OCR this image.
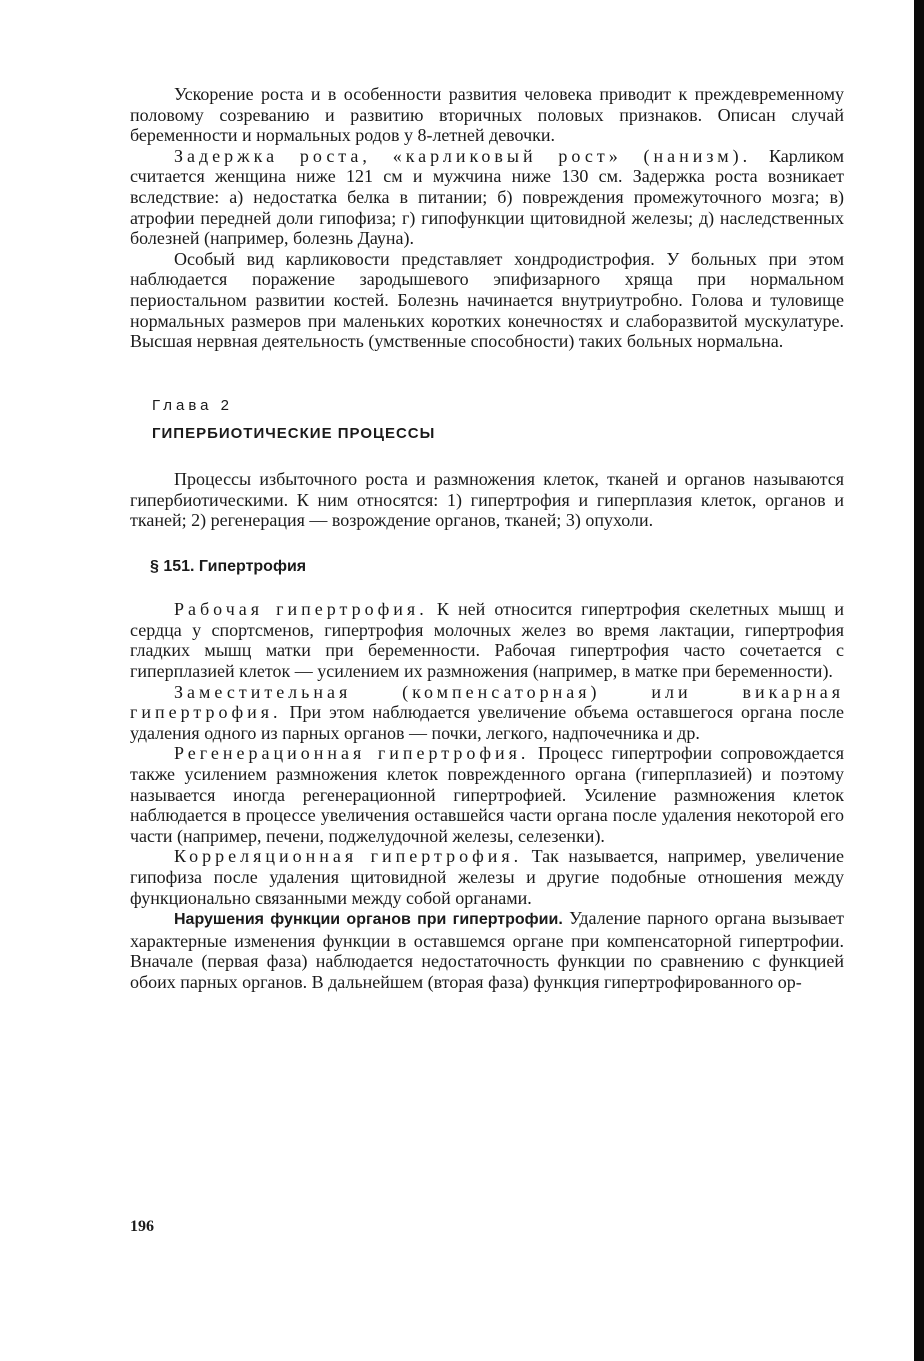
Ускорение роста и в особенности развития человека приводит к преждевременному половому созреванию и развитию вторичных половых признаков. Описан случай беременности и нормальных родов у 8-летней девочки.

Задержка роста, «карликовый рост» (нанизм). Карликом считается женщина ниже 121 см и мужчина ниже 130 см. Задержка роста возникает вследствие: а) недостатка белка в питании; б) повреждения промежуточного мозга; в) атрофии передней доли гипофиза; г) гипофункции щитовидной железы; д) наследственных болезней (например, болезнь Дауна).

Особый вид карликовости представляет хондродистрофия. У больных при этом наблюдается поражение зародышевого эпифизарного хряща при нормальном периостальном развитии костей. Болезнь начинается внутриутробно. Голова и туловище нормальных размеров при маленьких коротких конечностях и слаборазвитой мускулатуре. Высшая нервная деятельность (умственные способности) таких больных нормальна.

Глава 2
ГИПЕРБИОТИЧЕСКИЕ ПРОЦЕССЫ

Процессы избыточного роста и размножения клеток, тканей и органов называются гипербиотическими. К ним относятся: 1) гипертрофия и гиперплазия клеток, органов и тканей; 2) регенерация — возрождение органов, тканей; 3) опухоли.

§ 151. Гипертрофия

Рабочая гипертрофия. К ней относится гипертрофия скелетных мышц и сердца у спортсменов, гипертрофия молочных желез во время лактации, гипертрофия гладких мышц матки при беременности. Рабочая гипертрофия часто сочетается с гиперплазией клеток — усилением их размножения (например, в матке при беременности).

Заместительная (компенсаторная) или викарная гипертрофия. При этом наблюдается увеличение объема оставшегося органа после удаления одного из парных органов — почки, легкого, надпочечника и др.

Регенерационная гипертрофия. Процесс гипертрофии сопровождается также усилением размножения клеток поврежденного органа (гиперплазией) и поэтому называется иногда регенерационной гипертрофией. Усиление размножения клеток наблюдается в процессе увеличения оставшейся части органа после удаления некоторой его части (например, печени, поджелудочной железы, селезенки).

Корреляционная гипертрофия. Так называется, например, увеличение гипофиза после удаления щитовидной железы и другие подобные отношения между функционально связанными между собой органами.

Нарушения функции органов при гипертрофии. Удаление парного органа вызывает характерные изменения функции в оставшемся органе при компенсаторной гипертрофии. Вначале (первая фаза) наблюдается недостаточность функции по сравнению с функцией обоих парных органов. В дальнейшем (вторая фаза) функция гипертрофированного ор-

196
